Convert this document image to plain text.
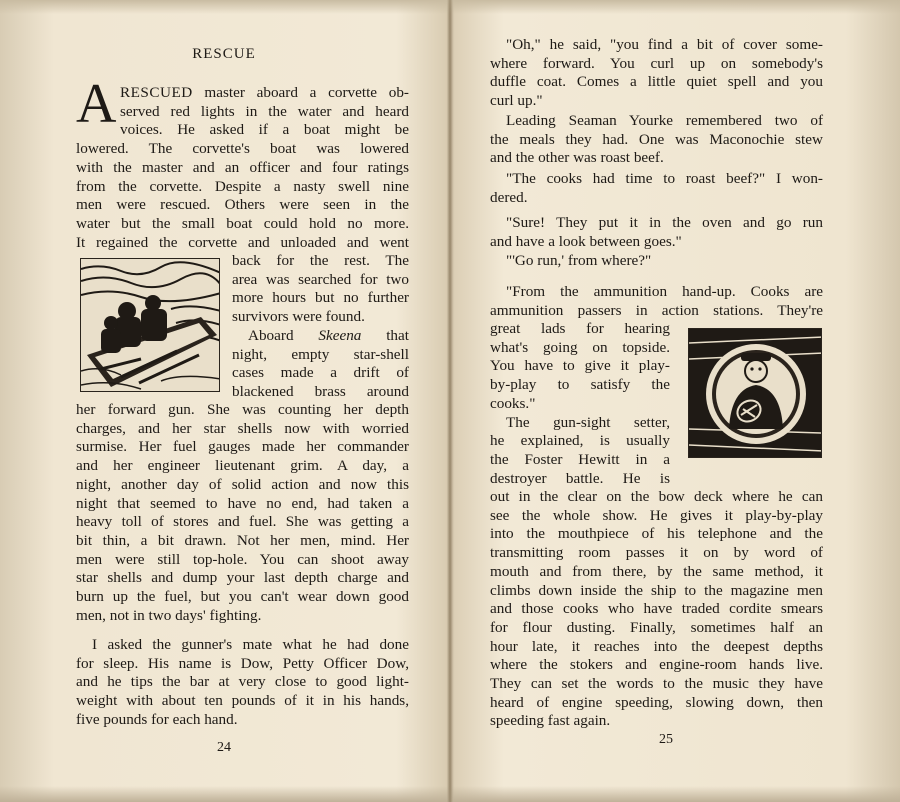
RESCUE
A RESCUED master aboard a corvette ob-
served red lights in the water and heard
voices. He asked if a boat might be
lowered. The corvette's boat was lowered
with the master and an officer and four ratings
from the corvette. Despite a nasty swell nine
men were rescued. Others were seen in the
water but the small boat could hold no more.
It regained the corvette and unloaded and went
back for the rest. The
area was searched for two
more hours but no further
survivors were found.
Aboard Skeena that
night, empty star-shell
cases made a drift of
blackened brass around
her forward gun. She was counting her depth
charges, and her star shells now with worried
surmise. Her fuel gauges made her commander
and her engineer lieutenant grim. A day, a
night, another day of solid action and now this
night that seemed to have no end, had taken a
heavy toll of stores and fuel. She was getting a
bit thin, a bit drawn. Not her men, mind. Her
men were still top-hole. You can shoot away
star shells and dump your last depth charge and
burn up the fuel, but you can't wear down good
men, not in two days' fighting.
I asked the gunner's mate what he had done
for sleep. His name is Dow, Petty Officer Dow,
and he tips the bar at very close to good light-
weight with about ten pounds of it in his hands,
five pounds for each hand.
24
"Oh," he said, "you find a bit of cover some-
where forward. You curl up on somebody's
duffle coat. Comes a little quiet spell and you
curl up."
Leading Seaman Yourke remembered two of
the meals they had. One was Maconochie stew
and the other was roast beef.
"The cooks had time to roast beef?" I won-
dered.
"Sure! They put it in the oven and go run
and have a look between goes."
"'Go run,' from where?"
"From the ammunition hand-up. Cooks are
ammunition passers in action stations. They're
great lads for hearing
what's going on topside.
You have to give it play-
by-play to satisfy the
cooks."
The gun-sight setter,
he explained, is usually
the Foster Hewitt in a
destroyer battle. He is
out in the clear on the bow deck where he can
see the whole show. He gives it play-by-play
into the mouthpiece of his telephone and the
transmitting room passes it on by word of
mouth and from there, by the same method, it
climbs down inside the ship to the magazine men
and those cooks who have traded cordite smears
for flour dusting. Finally, sometimes half an
hour late, it reaches into the deepest depths
where the stokers and engine-room hands live.
They can set the words to the music they have
heard of engine speeding, slowing down, then
speeding fast again.
25
